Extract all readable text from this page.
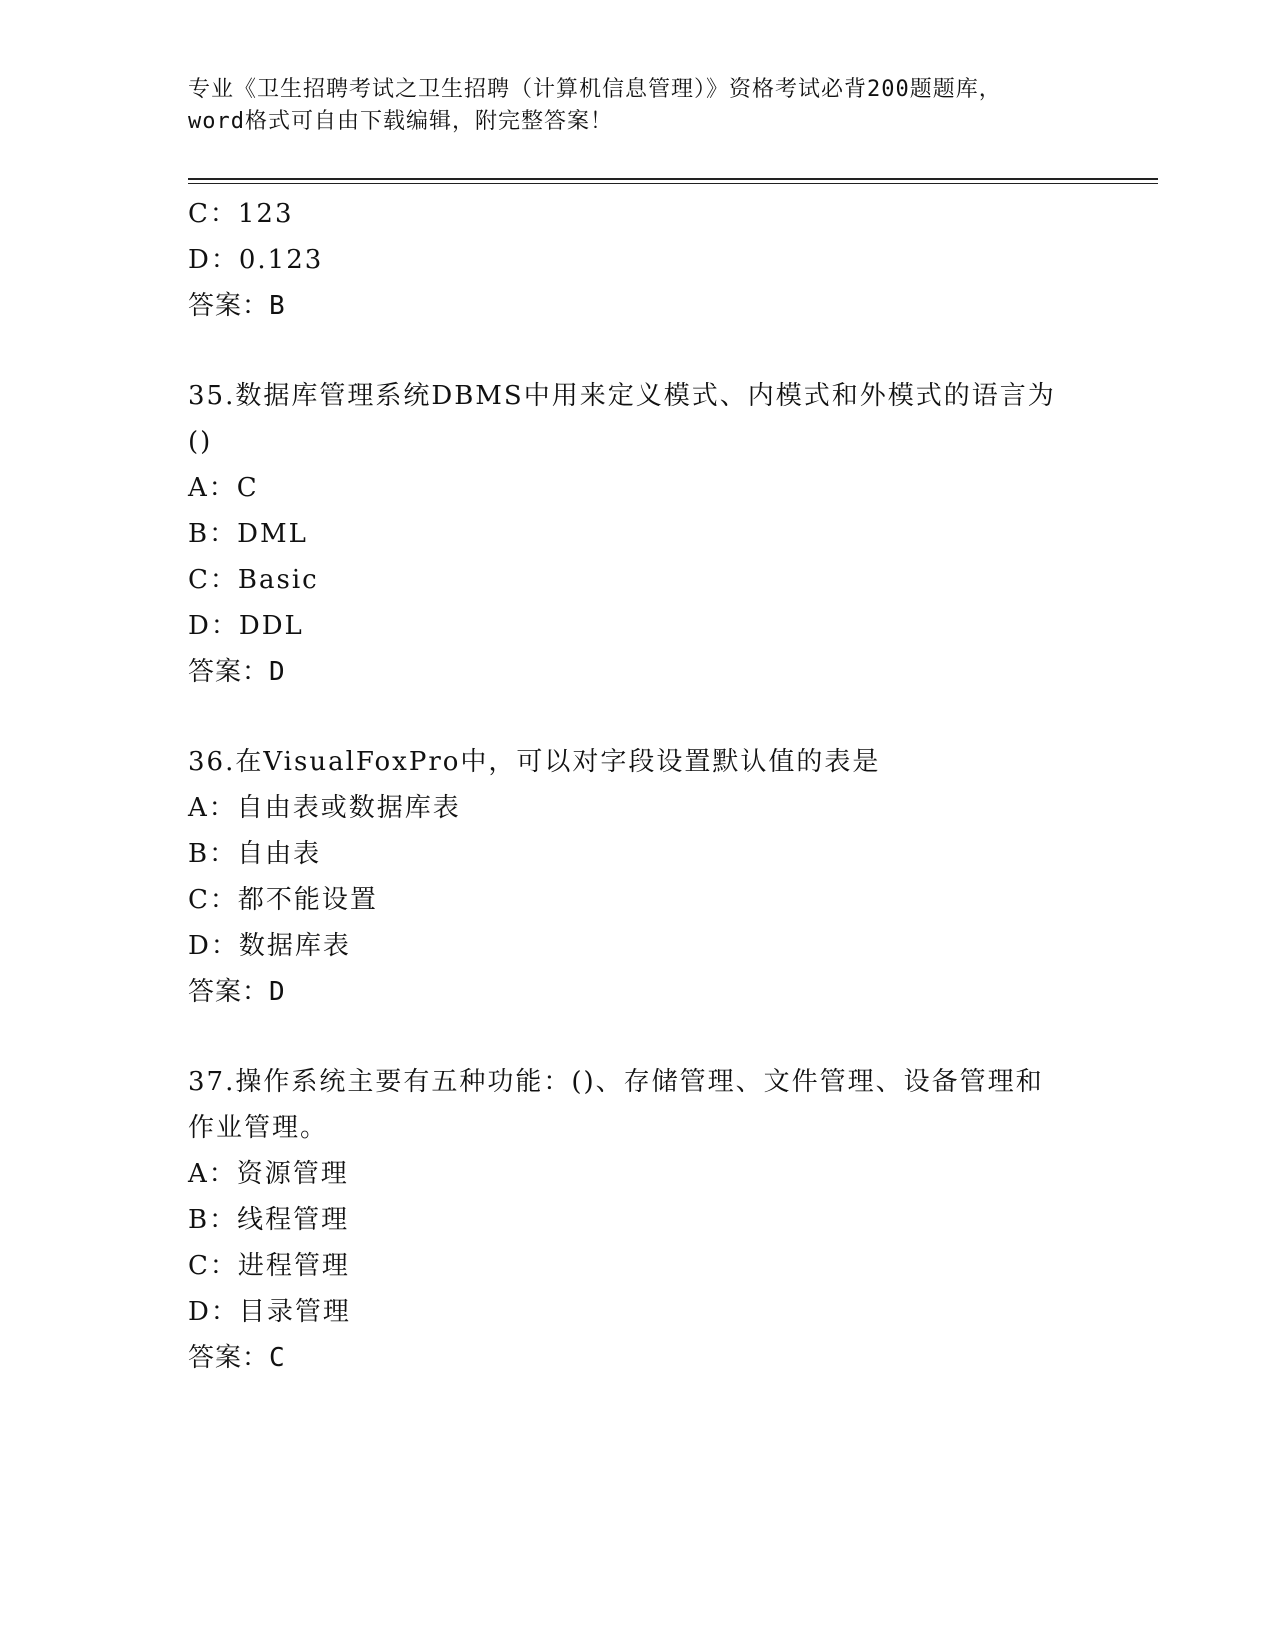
专业《卫生招聘考试之卫生招聘（计算机信息管理）》资格考试必背200题题库，
word格式可自由下载编辑，附完整答案！
C：123
D：0.123
答案：B
35.数据库管理系统DBMS中用来定义模式、内模式和外模式的语言为
()
A：C
B：DML
C：Basic
D：DDL
答案：D
36.在VisualFoxPro中，可以对字段设置默认值的表是
A：自由表或数据库表
B：自由表
C：都不能设置
D：数据库表
答案：D
37.操作系统主要有五种功能：()、存储管理、文件管理、设备管理和
作业管理。
A：资源管理
B：线程管理
C：进程管理
D：目录管理
答案：C
